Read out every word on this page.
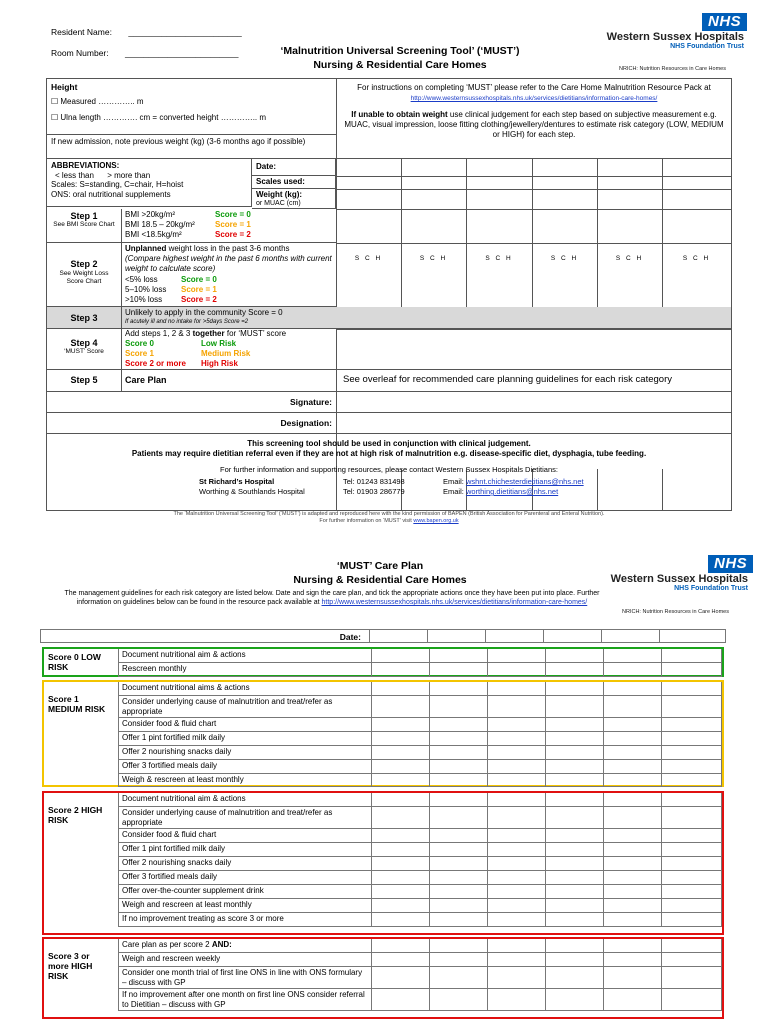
Resident Name: ________________________
Room Number: ________________________	‘Malnutrition Universal Screening Tool’ (‘MUST’)
Nursing & Residential Care Homes
NHS
Western Sussex Hospitals
NHS Foundation Trust
NRICH: Nutrition Resources in Care Homes
Height
☐ Measured ………….. m
☐ Ulna length …………. cm = converted height ………….. m
For instructions on completing ‘MUST’ please refer to the Care Home Malnutrition Resource Pack at http://www.westernsussexhospitals.nhs.uk/services/dietitians/information-care-homes/
If unable to obtain weight use clinical judgement for each step based on subjective measurement e.g. MUAC, visual impression, loose fitting clothing/jewellery/dentures to estimate risk category (LOW, MEDIUM or HIGH) for each step.
If new admission, note previous weight (kg) (3-6 months ago if possible)
ABBREVIATIONS:
< less than      > more than
Scales: S=standing, C=chair, H=hoist
ONS: oral nutritional supplements
Date:
Scales used:
Weight (kg):
or MUAC (cm)
S C H	S C H	S C H	S C H	S C H	S C H
Step 1
See BMI Score Chart
BMI >20kg/m²	Score = 0
BMI 18.5 – 20kg/m²	Score = 1
BMI <18.5kg/m²	Score = 2
Step 2
See Weight Loss Score Chart
Unplanned weight loss in the past 3-6 months
(Compare highest weight in the past 6 months with current weight to calculate score)
<5% loss	Score = 0
5–10% loss Score = 1
>10% loss Score = 2
Step 3
Unlikely to apply in the community Score = 0
If acutely ill and no intake for >5days Score =2
Step 4
‘MUST’ Score
Add steps 1, 2 & 3 together for ‘MUST’ score
Score 0	Low Risk
Score 1	Medium Risk
Score 2 or more High Risk
Step 5	Care Plan	See overleaf for recommended care planning guidelines for each risk category
Signature:
Designation:
This screening tool should be used in conjunction with clinical judgement.
Patients may require dietitian referral even if they are not at high risk of malnutrition e.g. disease-specific diet, dysphagia, tube feeding.
For further information and supporting resources, please contact Western Sussex Hospitals Dietitians:
St Richard’s Hospital	Tel: 01243 831498	Email: wshnt.chichesterdietitians@nhs.net
Worthing & Southlands Hospital	Tel: 01903 286779	Email: worthing.dietitians@nhs.net
The ‘Malnutrition Universal Screening Tool’ (‘MUST’) is adapted and reproduced here with the kind permission of BAPEN (British Association for Parenteral and Enteral Nutrition).
For further information on ‘MUST’ visit www.bapen.org.uk
‘MUST’ Care Plan
Nursing & Residential Care Homes
NHS
Western Sussex Hospitals
NHS Foundation Trust
NRICH: Nutrition Resources in Care Homes
The management guidelines for each risk category are listed below. Date and sign the care plan, and tick the appropriate actions once they have been put into place. Further information on guidelines below can be found in the resource pack available at http://www.westernsussexhospitals.nhs.uk/services/dietitians/information-care-homes/
Date:
Score 0 LOW RISK
Document nutritional aim & actions
Rescreen monthly
Score 1 MEDIUM RISK
Document nutritional aims & actions
Consider underlying cause of malnutrition and treat/refer as appropriate
Consider food & fluid chart
Offer 1 pint fortified milk daily
Offer 2 nourishing snacks daily
Offer 3 fortified meals daily
Weigh & rescreen at least monthly
Score 2 HIGH RISK
Document nutritional aim & actions
Consider underlying cause of malnutrition and treat/refer as appropriate
Consider food & fluid chart
Offer 1 pint fortified milk daily
Offer 2 nourishing snacks daily
Offer 3 fortified meals daily
Offer over-the-counter supplement drink
Weigh and rescreen at least monthly
If no improvement treating as score 3 or more
Score 3 or more HIGH RISK
Care plan as per score 2 AND:
Weigh and rescreen weekly
Consider one month trial of first line ONS in line with ONS formulary – discuss with GP
If no improvement after one month on first line ONS consider referral to Dietitian – discuss with GP
